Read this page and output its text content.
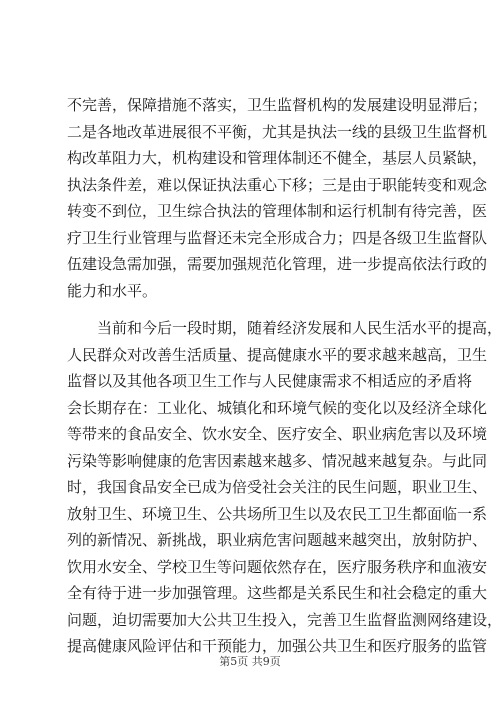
不完善，保障措施不落实，卫生监督机构的发展建设明显滞后；
二是各地改革进展很不平衡，尤其是执法一线的县级卫生监督机
构改革阻力大，机构建设和管理体制还不健全，基层人员紧缺，
执法条件差，难以保证执法重心下移；三是由于职能转变和观念
转变不到位，卫生综合执法的管理体制和运行机制有待完善，医
疗卫生行业管理与监督还未完全形成合力；四是各级卫生监督队
伍建设急需加强，需要加强规范化管理，进一步提高依法行政的
能力和水平。
　　当前和今后一段时期，随着经济发展和人民生活水平的提高，
人民群众对改善生活质量、提高健康水平的要求越来越高，卫生
监督以及其他各项卫生工作与人民健康需求不相适应的矛盾将
会长期存在：工业化、城镇化和环境气候的变化以及经济全球化
等带来的食品安全、饮水安全、医疗安全、职业病危害以及环境
污染等影响健康的危害因素越来越多、情况越来越复杂。与此同
时，我国食品安全已成为倍受社会关注的民生问题，职业卫生、
放射卫生、环境卫生、公共场所卫生以及农民工卫生都面临一系
列的新情况、新挑战，职业病危害问题越来越突出，放射防护、
饮用水安全、学校卫生等问题依然存在，医疗服务秩序和血液安
全有待于进一步加强管理。这些都是关系民生和社会稳定的重大
问题，迫切需要加大公共卫生投入，完善卫生监督监测网络建设，
提高健康风险评估和干预能力，加强公共卫生和医疗服务的监管
第5页 共9页
